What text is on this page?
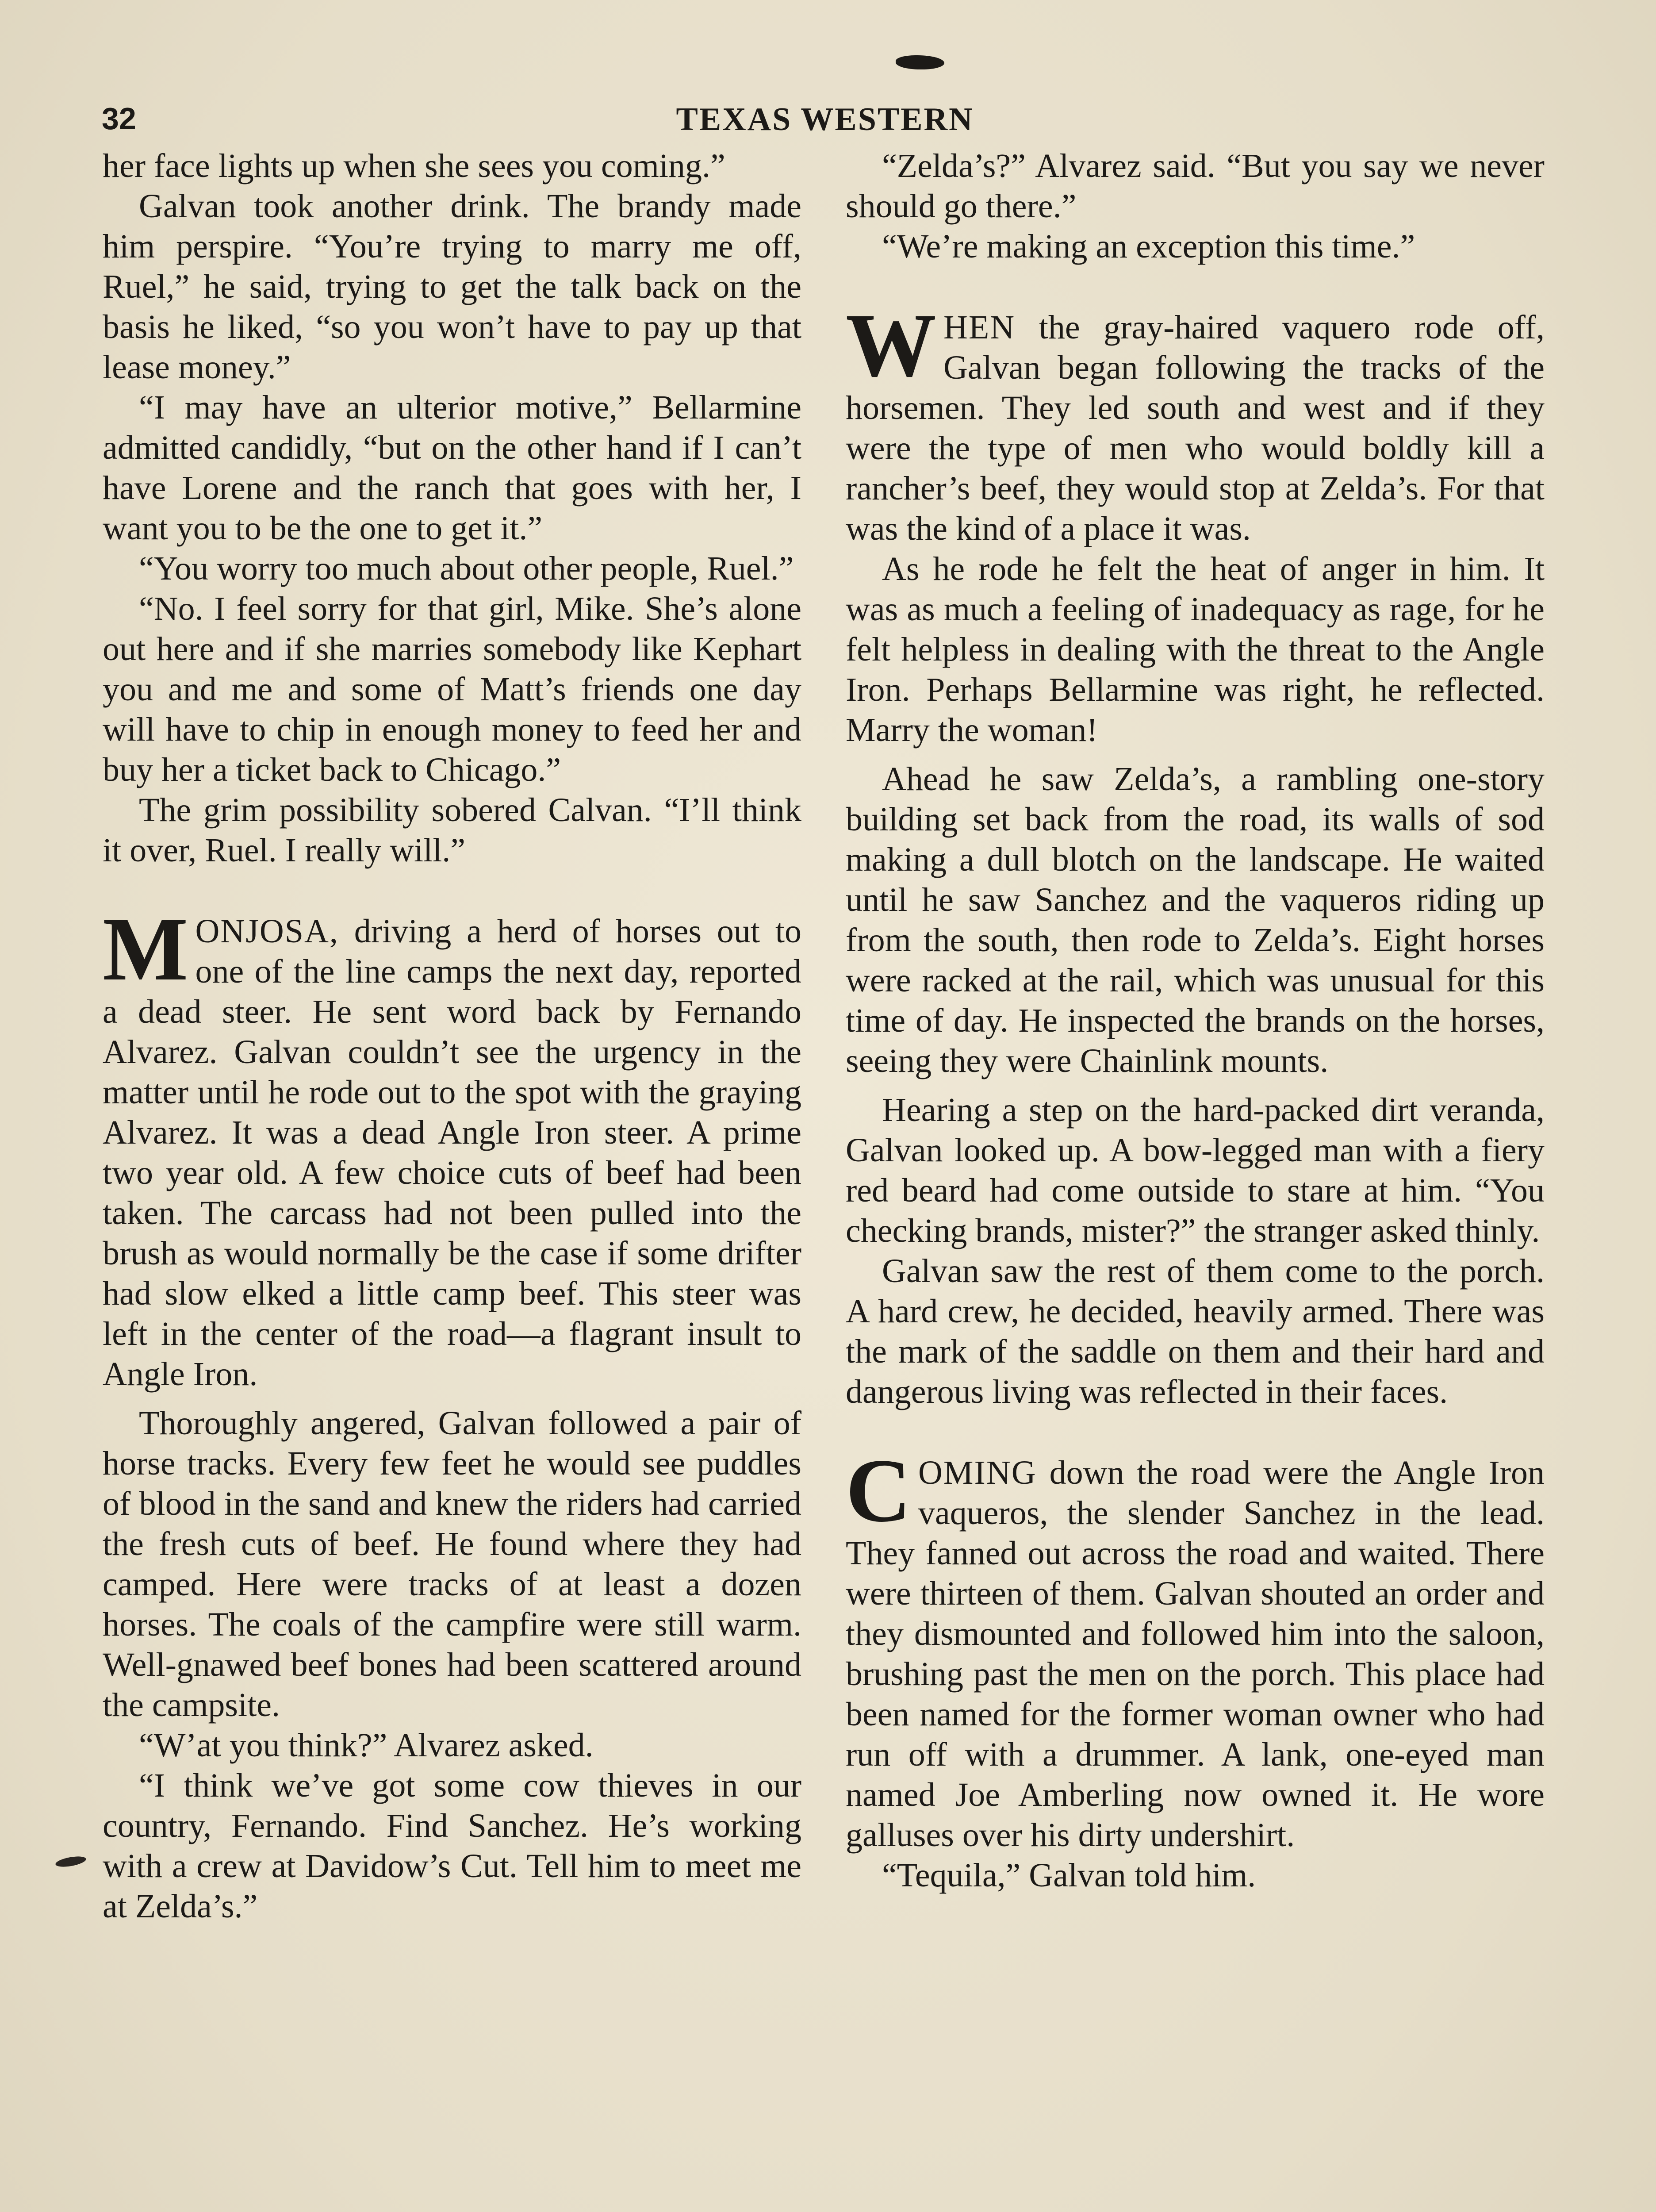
32	TEXAS WESTERN

her face lights up when she sees you coming.”

Galvan took another drink. The brandy made him perspire. “You’re trying to marry me off, Ruel,” he said, trying to get the talk back on the basis he liked, “so you won’t have to pay up that lease money.”

“I may have an ulterior motive,” Bellarmine admitted candidly, “but on the other hand if I can’t have Lorene and the ranch that goes with her, I want you to be the one to get it.”

“You worry too much about other people, Ruel.”

“No. I feel sorry for that girl, Mike. She’s alone out here and if she marries somebody like Kephart you and me and some of Matt’s friends one day will have to chip in enough money to feed her and buy her a ticket back to Chicago.”

The grim possibility sobered Calvan. “I’ll think it over, Ruel. I really will.”

MONJOSA, driving a herd of horses out to one of the line camps the next day, reported a dead steer. He sent word back by Fernando Alvarez. Galvan couldn’t see the urgency in the matter until he rode out to the spot with the graying Alvarez. It was a dead Angle Iron steer. A prime two year old. A few choice cuts of beef had been taken. The carcass had not been pulled into the brush as would normally be the case if some drifter had slow elked a little camp beef. This steer was left in the center of the road—a flagrant insult to Angle Iron.

Thoroughly angered, Galvan followed a pair of horse tracks. Every few feet he would see puddles of blood in the sand and knew the riders had carried the fresh cuts of beef. He found where they had camped. Here were tracks of at least a dozen horses. The coals of the campfire were still warm. Well-gnawed beef bones had been scattered around the campsite.

“W’at you think?” Alvarez asked.

“I think we’ve got some cow thieves in our country, Fernando. Find Sanchez. He’s working with a crew at Davidow’s Cut. Tell him to meet me at Zelda’s.”

“Zelda’s?” Alvarez said. “But you say we never should go there.”

“We’re making an exception this time.”

WHEN the gray-haired vaquero rode off, Galvan began following the tracks of the horsemen. They led south and west and if they were the type of men who would boldly kill a rancher’s beef, they would stop at Zelda’s. For that was the kind of a place it was.

As he rode he felt the heat of anger in him. It was as much a feeling of inadequacy as rage, for he felt helpless in dealing with the threat to the Angle Iron. Perhaps Bellarmine was right, he reflected. Marry the woman!

Ahead he saw Zelda’s, a rambling one-story building set back from the road, its walls of sod making a dull blotch on the landscape. He waited until he saw Sanchez and the vaqueros riding up from the south, then rode to Zelda’s. Eight horses were racked at the rail, which was unusual for this time of day. He inspected the brands on the horses, seeing they were Chainlink mounts.

Hearing a step on the hard-packed dirt veranda, Galvan looked up. A bow-legged man with a fiery red beard had come outside to stare at him. “You checking brands, mister?” the stranger asked thinly.

Galvan saw the rest of them come to the porch. A hard crew, he decided, heavily armed. There was the mark of the saddle on them and their hard and dangerous living was reflected in their faces.

COMING down the road were the Angle Iron vaqueros, the slender Sanchez in the lead. They fanned out across the road and waited. There were thirteen of them. Galvan shouted an order and they dismounted and followed him into the saloon, brushing past the men on the porch. This place had been named for the former woman owner who had run off with a drummer. A lank, one-eyed man named Joe Amberling now owned it. He wore galluses over his dirty undershirt.

“Tequila,” Galvan told him.
